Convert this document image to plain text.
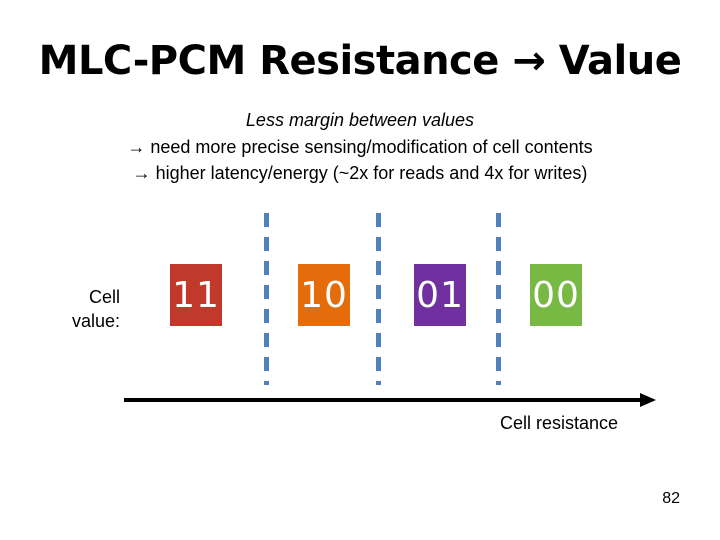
MLC-PCM Resistance → Value
Less margin between values
→ need more precise sensing/modification of cell contents
→ higher latency/energy (~2x for reads and 4x for writes)
Cell value:
11 10 01 00
Cell resistance
82
